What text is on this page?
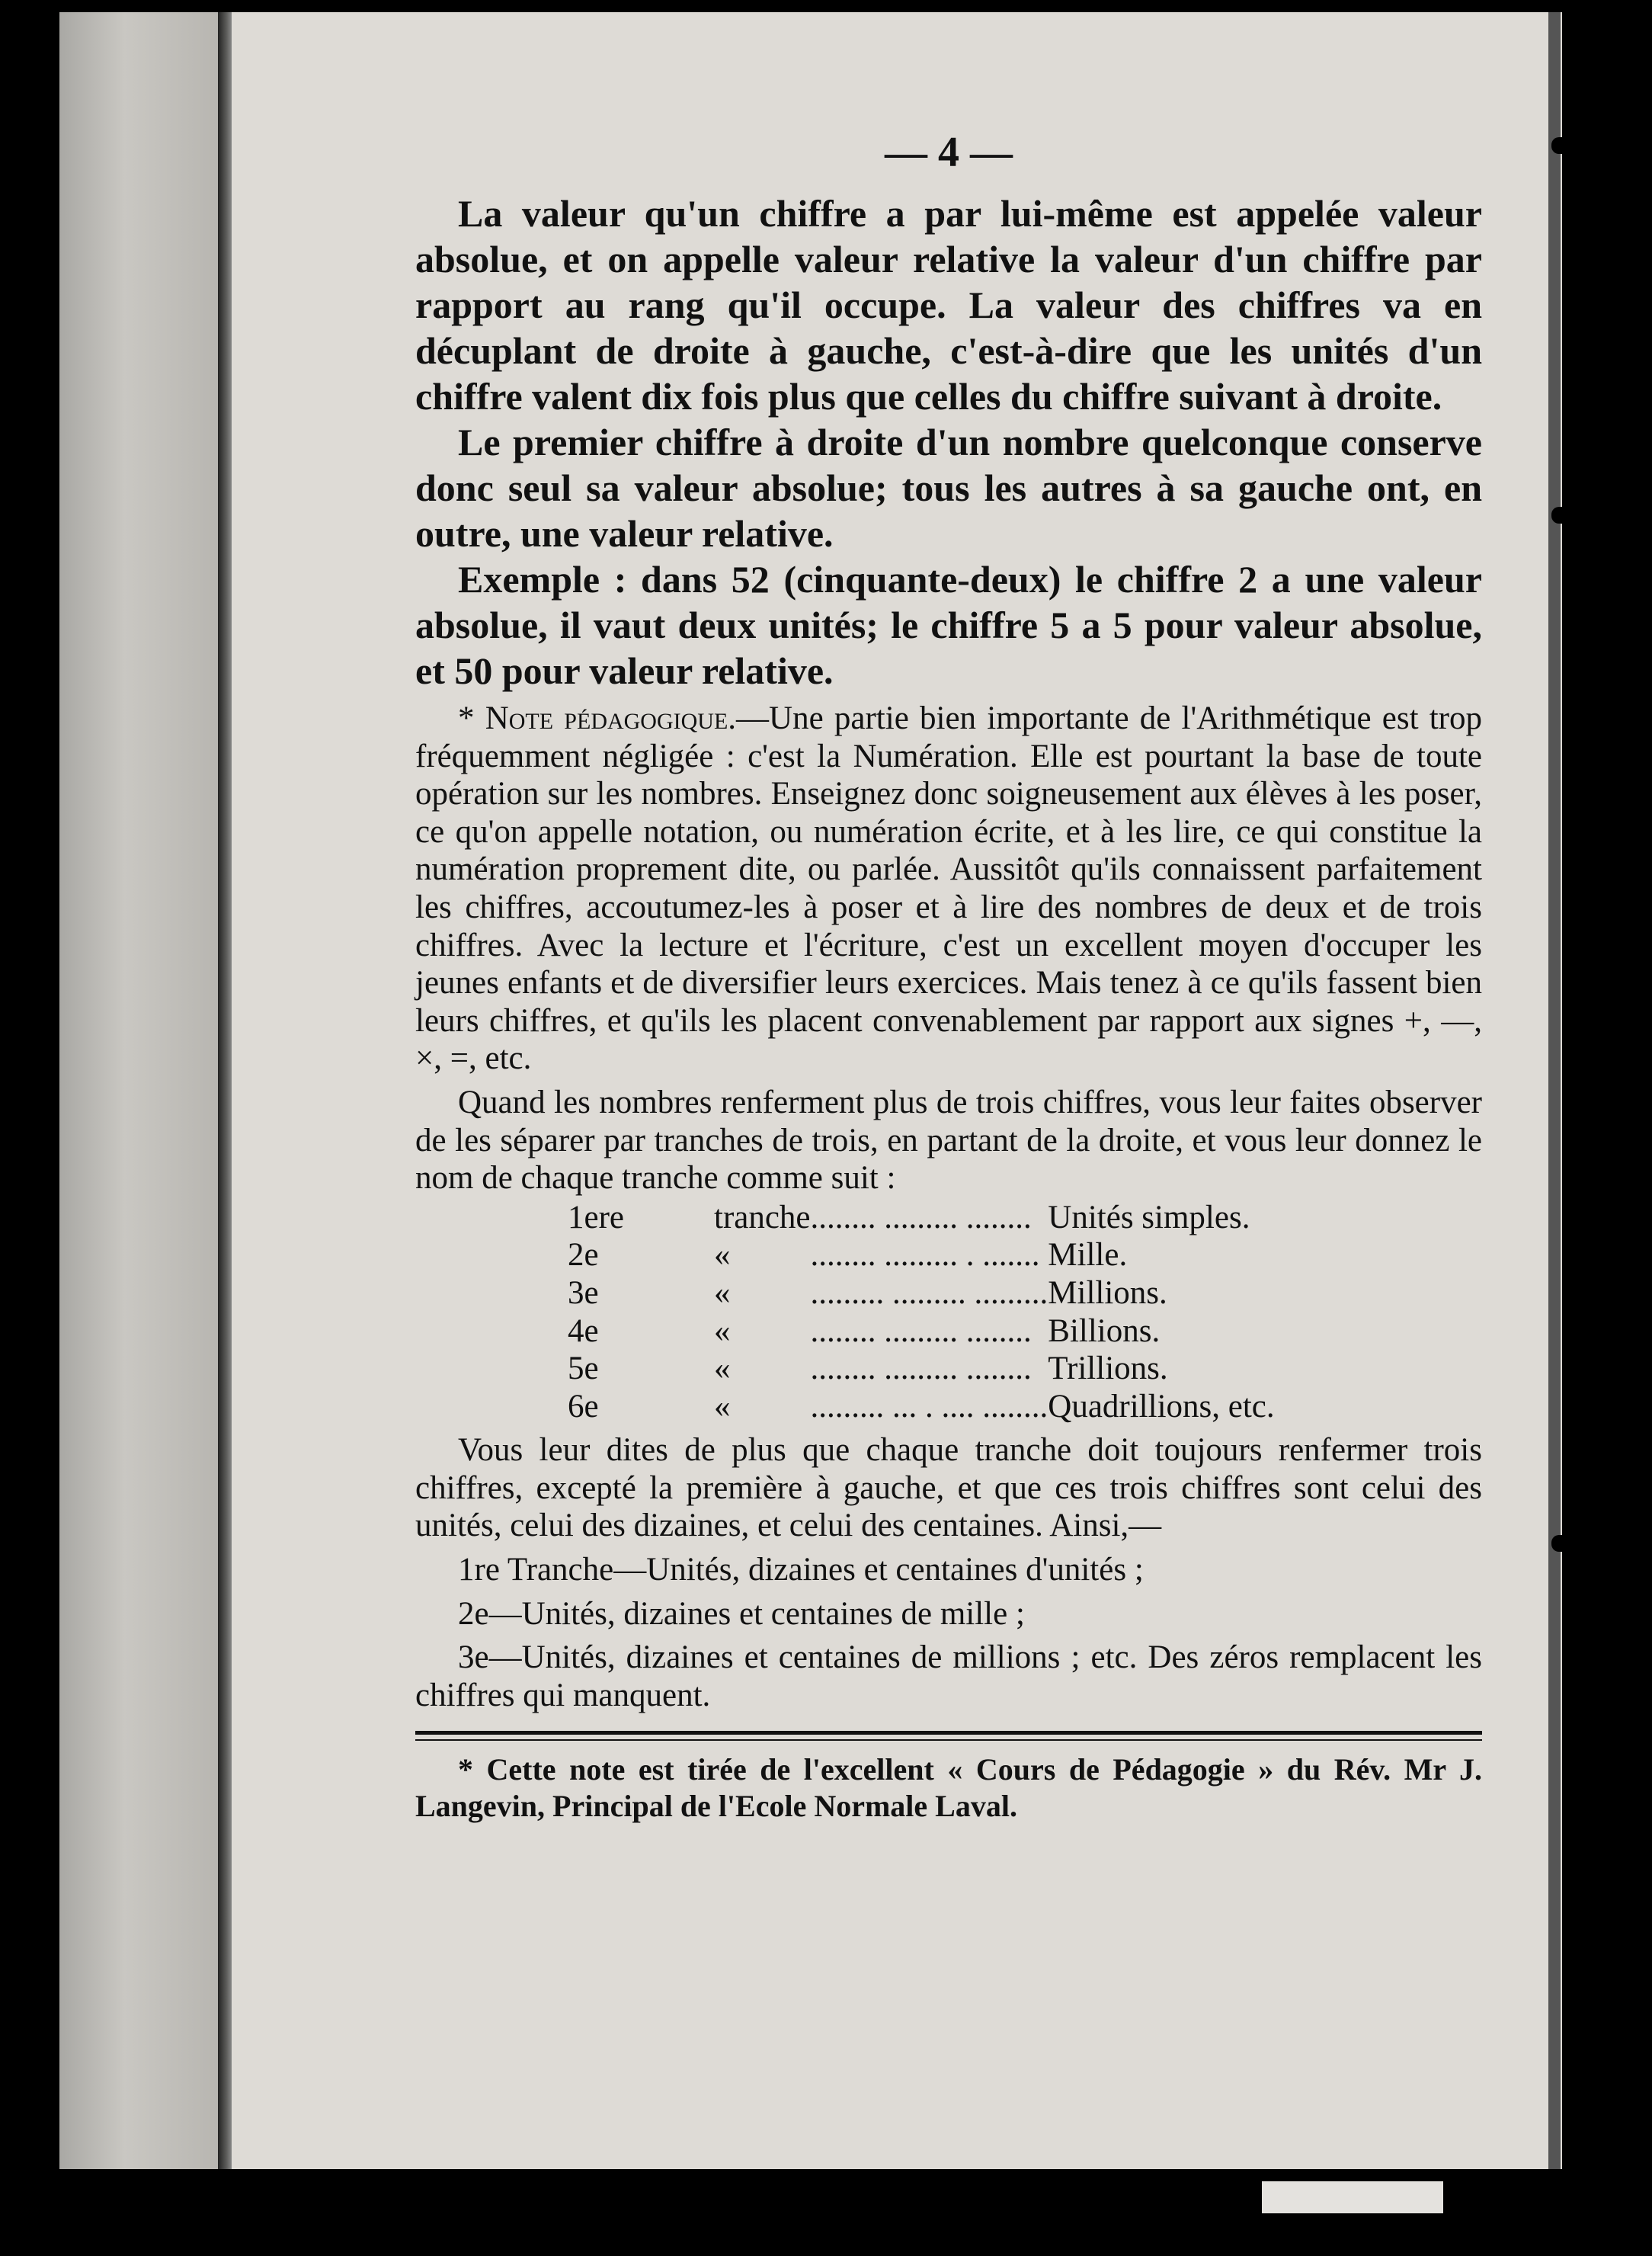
— 4 —

La valeur qu'un chiffre a par lui-même est appelée valeur absolue, et on appelle valeur relative la valeur d'un chiffre par rapport au rang qu'il occupe. La valeur des chiffres va en décuplant de droite à gauche, c'est-à-dire que les unités d'un chiffre valent dix fois plus que celles du chiffre suivant à droite.

Le premier chiffre à droite d'un nombre quelconque conserve donc seul sa valeur absolue; tous les autres à sa gauche ont, en outre, une valeur relative.

Exemple : dans 52 (cinquante-deux) le chiffre 2 a une valeur absolue, il vaut deux unités; le chiffre 5 a 5 pour valeur absolue, et 50 pour valeur relative.

* Note pédagogique.—Une partie bien importante de l'Arithmétique est trop fréquemment négligée : c'est la Numération. Elle est pourtant la base de toute opération sur les nombres. Enseignez donc soigneusement aux élèves à les poser, ce qu'on appelle notation, ou numération écrite, et à les lire, ce qui constitue la numération proprement dite, ou parlée. Aussitôt qu'ils connaissent parfaitement les chiffres, accoutumez-les à poser et à lire des nombres de deux et de trois chiffres. Avec la lecture et l'écriture, c'est un excellent moyen d'occuper les jeunes enfants et de diversifier leurs exercices. Mais tenez à ce qu'ils fassent bien leurs chiffres, et qu'ils les placent convenablement par rapport aux signes +, —, ×, =, etc.

Quand les nombres renferment plus de trois chiffres, vous leur faites observer de les séparer par tranches de trois, en partant de la droite, et vous leur donnez le nom de chaque tranche comme suit :

1ere	tranche	........ ......... ........	Unités simples.
2e	«	........ ......... . .......	Mille.
3e	«	......... ......... .........	Millions.
4e	«	........ ......... ........	Billions.
5e	«	........ ......... ........	Trillions.
6e	«	......... ... . .... ........	Quadrillions, etc.

Vous leur dites de plus que chaque tranche doit toujours renfermer trois chiffres, excepté la première à gauche, et que ces trois chiffres sont celui des unités, celui des dizaines, et celui des centaines. Ainsi,—

1re Tranche—Unités, dizaines et centaines d'unités ;

2e—Unités, dizaines et centaines de mille ;

3e—Unités, dizaines et centaines de millions ; etc. Des zéros remplacent les chiffres qui manquent.

* Cette note est tirée de l'excellent « Cours de Pédagogie » du Rév. Mr J. Langevin, Principal de l'Ecole Normale Laval.
